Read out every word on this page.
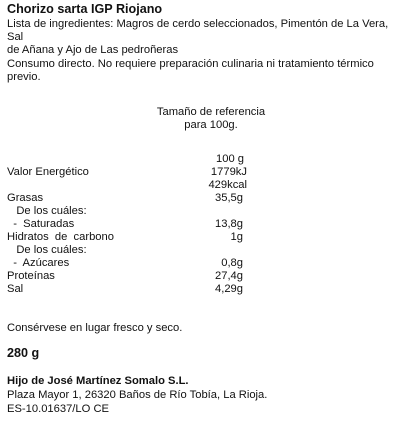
Chorizo sarta IGP Riojano
Lista de ingredientes: Magros de cerdo seleccionados, Pimentón de La Vera, Sal
de Añana y Ajo de Las pedroñeras
Consumo directo. No requiere preparación culinaria ni tratamiento térmico previo.
Tamaño de referencia
para 100g.
100 g
Valor Energético	1779kJ
429kcal
Grasas	35,5g
De los cuáles:
-  Saturadas	13,8g
Hidratos  de  carbono	1g
De los cuáles:
-  Azúcares	0,8g
Proteínas	27,4g
Sal	4,29g
Consérvese en lugar fresco y seco.
280 g
Hijo de José Martínez Somalo S.L.
Plaza Mayor 1, 26320 Baños de Río Tobía, La Rioja.
ES-10.01637/LO CE
